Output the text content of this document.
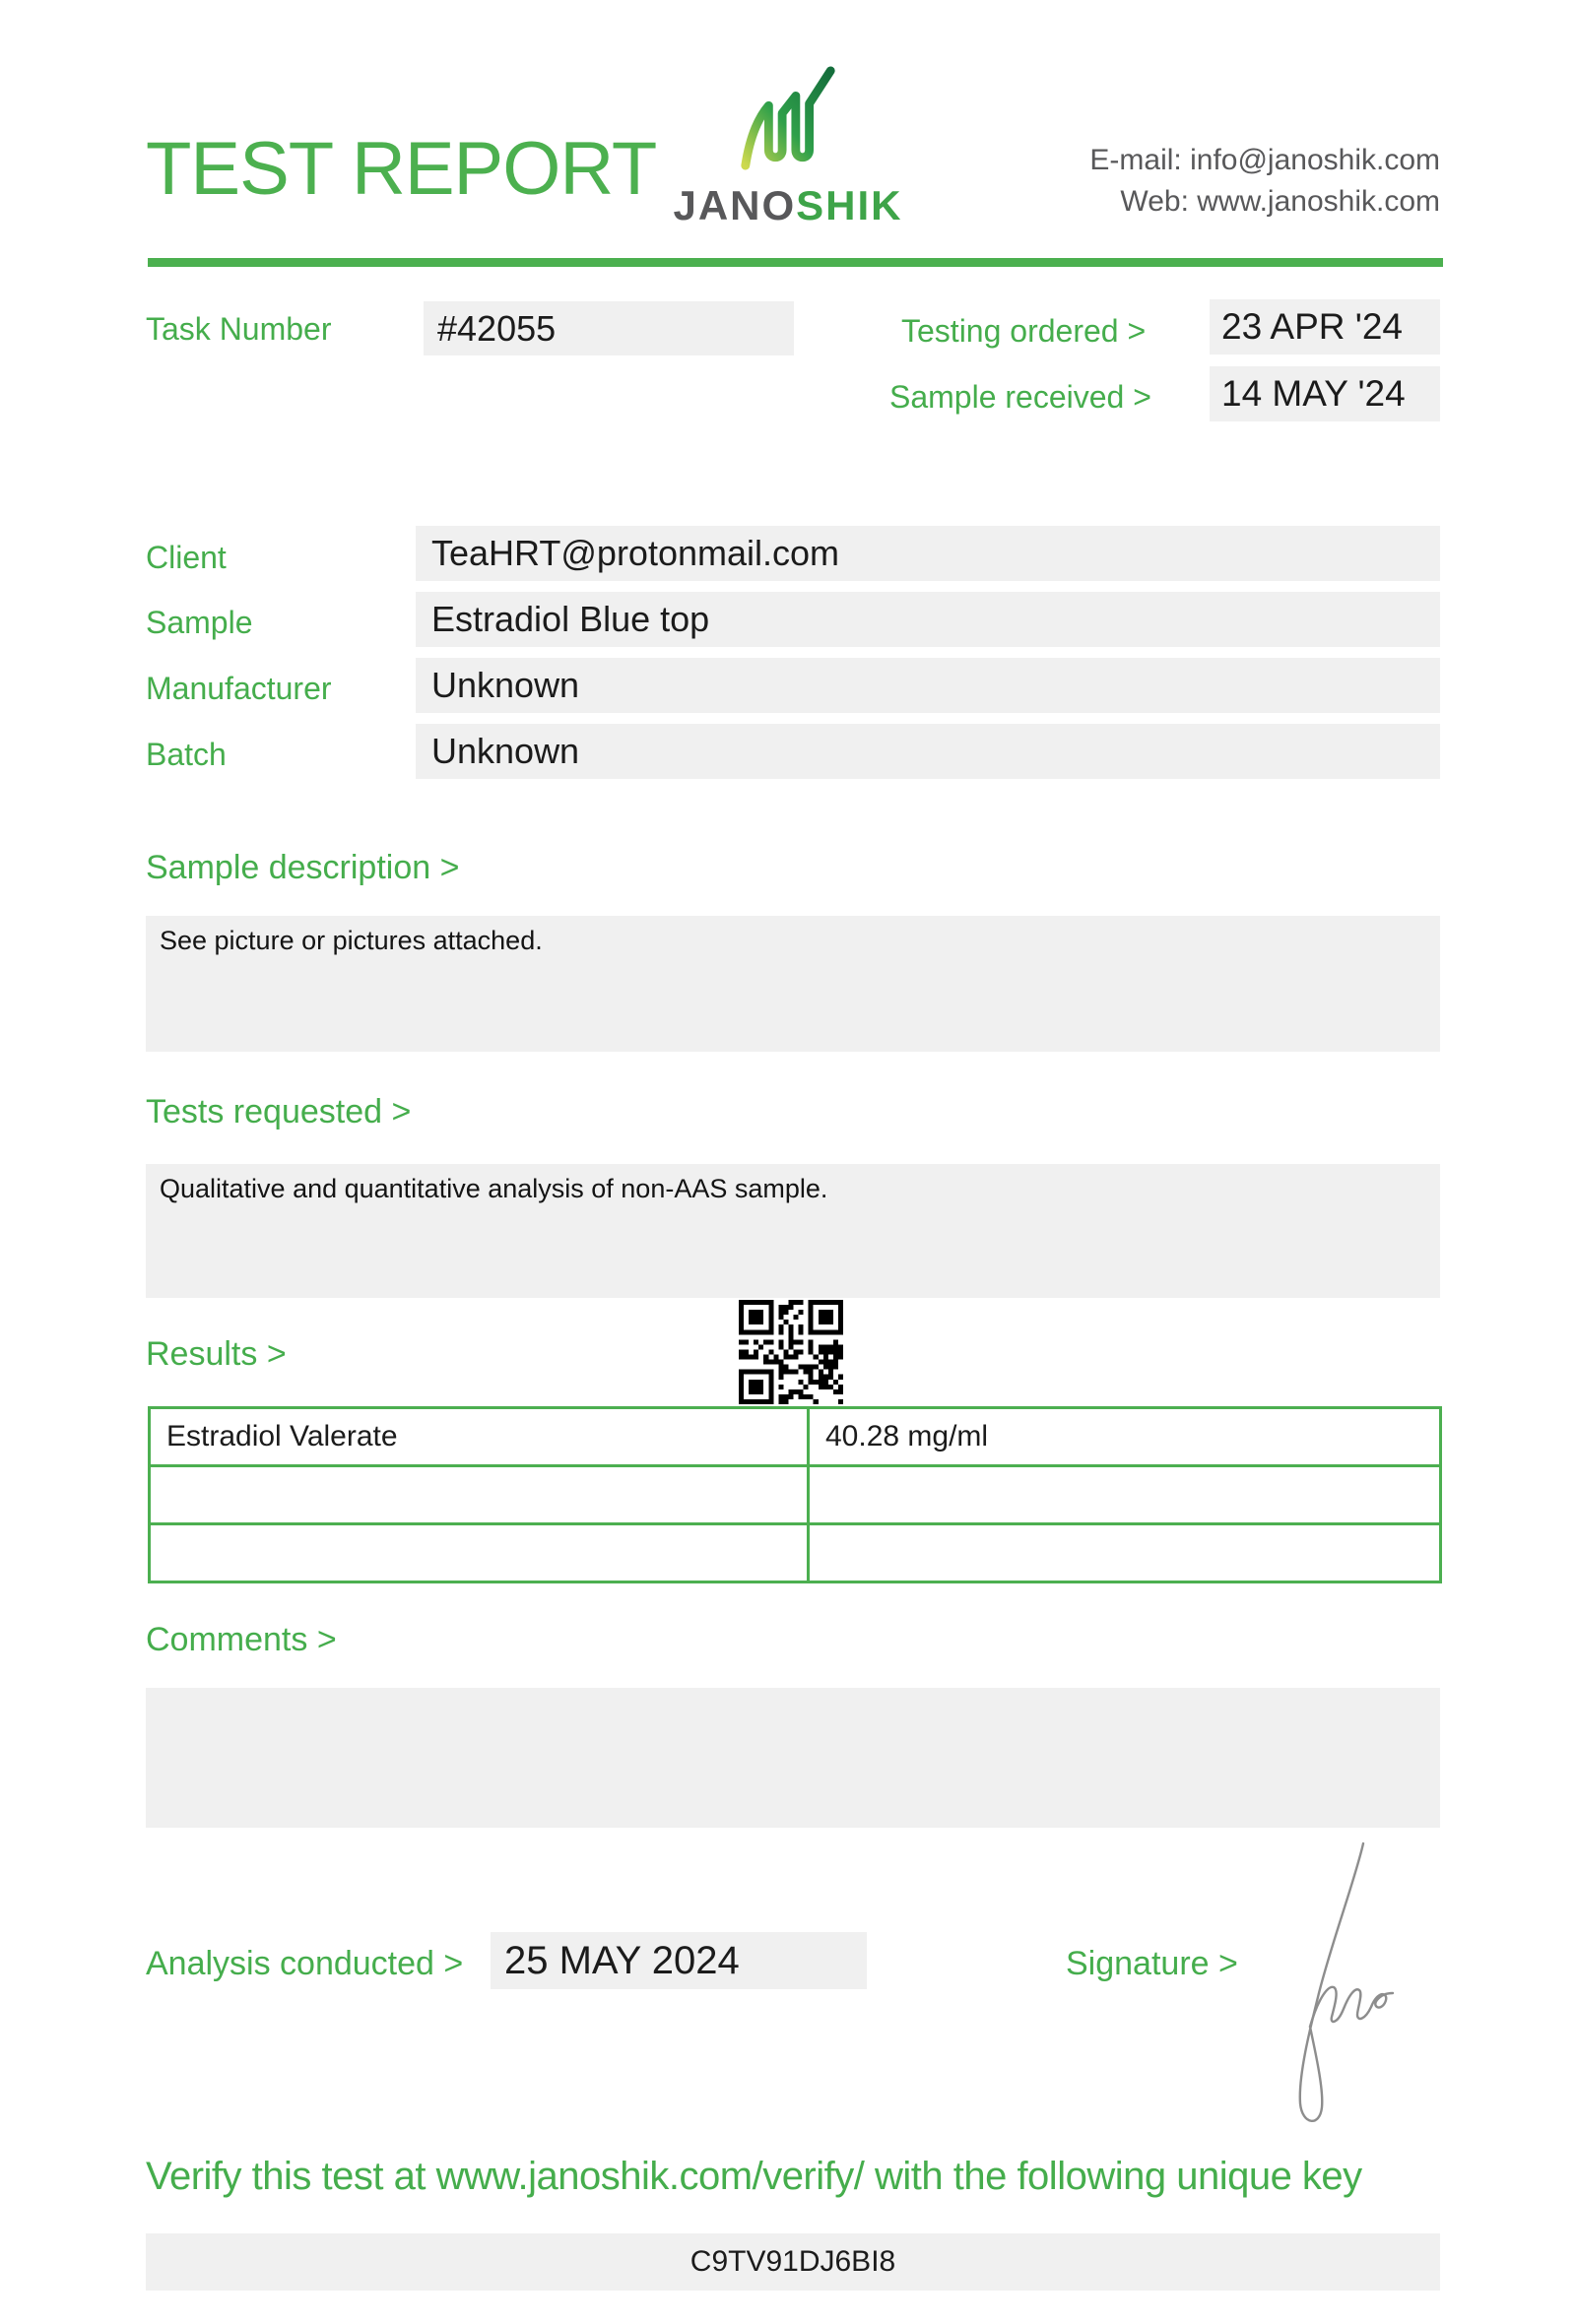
TEST REPORT JANOSHIK
E-mail: info@janoshik.com
Web: www.janoshik.com
Task Number	#42055	Testing ordered > 23 APR '24
Sample received > 14 MAY '24
Client	TeaHRT@protonmail.com
Sample	Estradiol Blue top
Manufacturer	Unknown
Batch	Unknown
Sample description >
See picture or pictures attached.
Tests requested >
Qualitative and quantitative analysis of non-AAS sample.
Results >
Estradiol Valerate	40.28 mg/ml

Comments >
Analysis conducted > 25 MAY 2024	Signature >
Verify this test at www.janoshik.com/verify/ with the following unique key
C9TV91DJ6BI8
